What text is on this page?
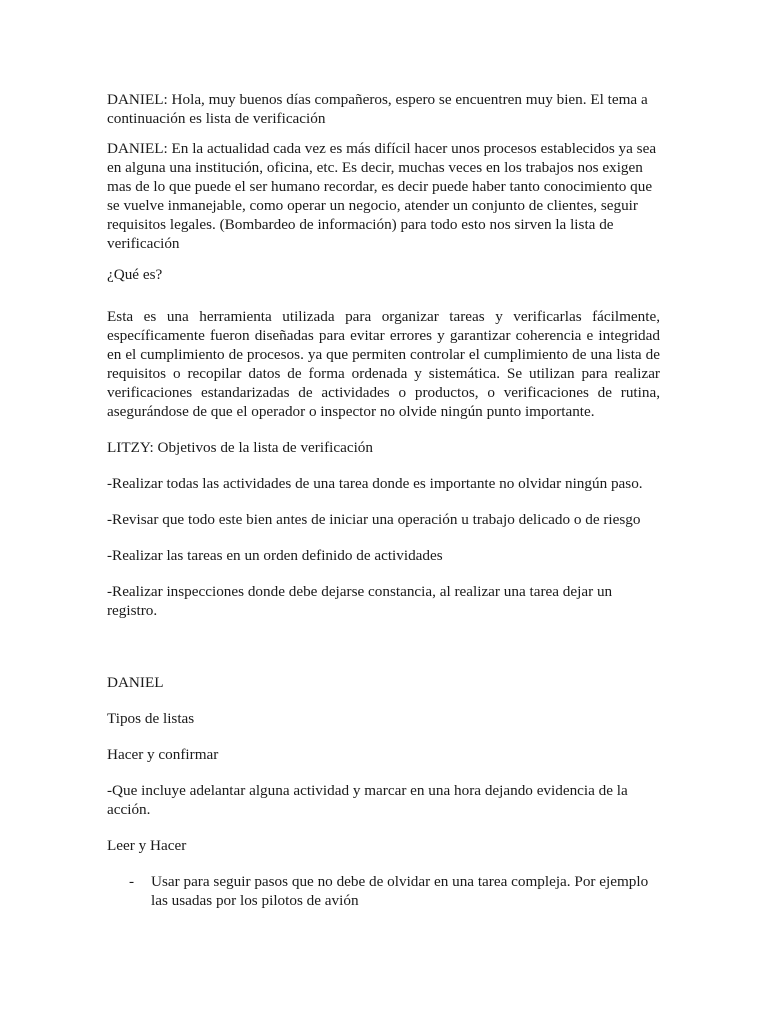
DANIEL: Hola, muy buenos días compañeros, espero se encuentren muy bien. El tema a continuación es lista de verificación

DANIEL: En la actualidad cada vez es más difícil hacer unos procesos establecidos ya sea en alguna una institución, oficina, etc. Es decir, muchas veces en los trabajos nos exigen mas de lo que puede el ser humano recordar, es decir puede haber tanto conocimiento que se vuelve inmanejable, como operar un negocio, atender un conjunto de clientes, seguir requisitos legales. (Bombardeo de información) para todo esto nos sirven la lista de verificación

¿Qué es?

Esta es una herramienta utilizada para organizar tareas y verificarlas fácilmente, específicamente fueron diseñadas para evitar errores y garantizar coherencia e integridad en el cumplimiento de procesos. ya que permiten controlar el cumplimiento de una lista de requisitos o recopilar datos de forma ordenada y sistemática. Se utilizan para realizar verificaciones estandarizadas de actividades o productos, o verificaciones de rutina, asegurándose de que el operador o inspector no olvide ningún punto importante.

LITZY: Objetivos de la lista de verificación

-Realizar todas las actividades de una tarea donde es importante no olvidar ningún paso.

-Revisar que todo este bien antes de iniciar una operación u trabajo delicado o de riesgo

-Realizar las tareas en un orden definido de actividades

-Realizar inspecciones donde debe dejarse constancia, al realizar una tarea dejar un registro.

DANIEL

Tipos de listas

Hacer y confirmar

-Que incluye adelantar alguna actividad y marcar en una hora dejando evidencia de la acción.

Leer y Hacer

-	Usar para seguir pasos que no debe de olvidar en una tarea compleja. Por ejemplo las usadas por los pilotos de avión
